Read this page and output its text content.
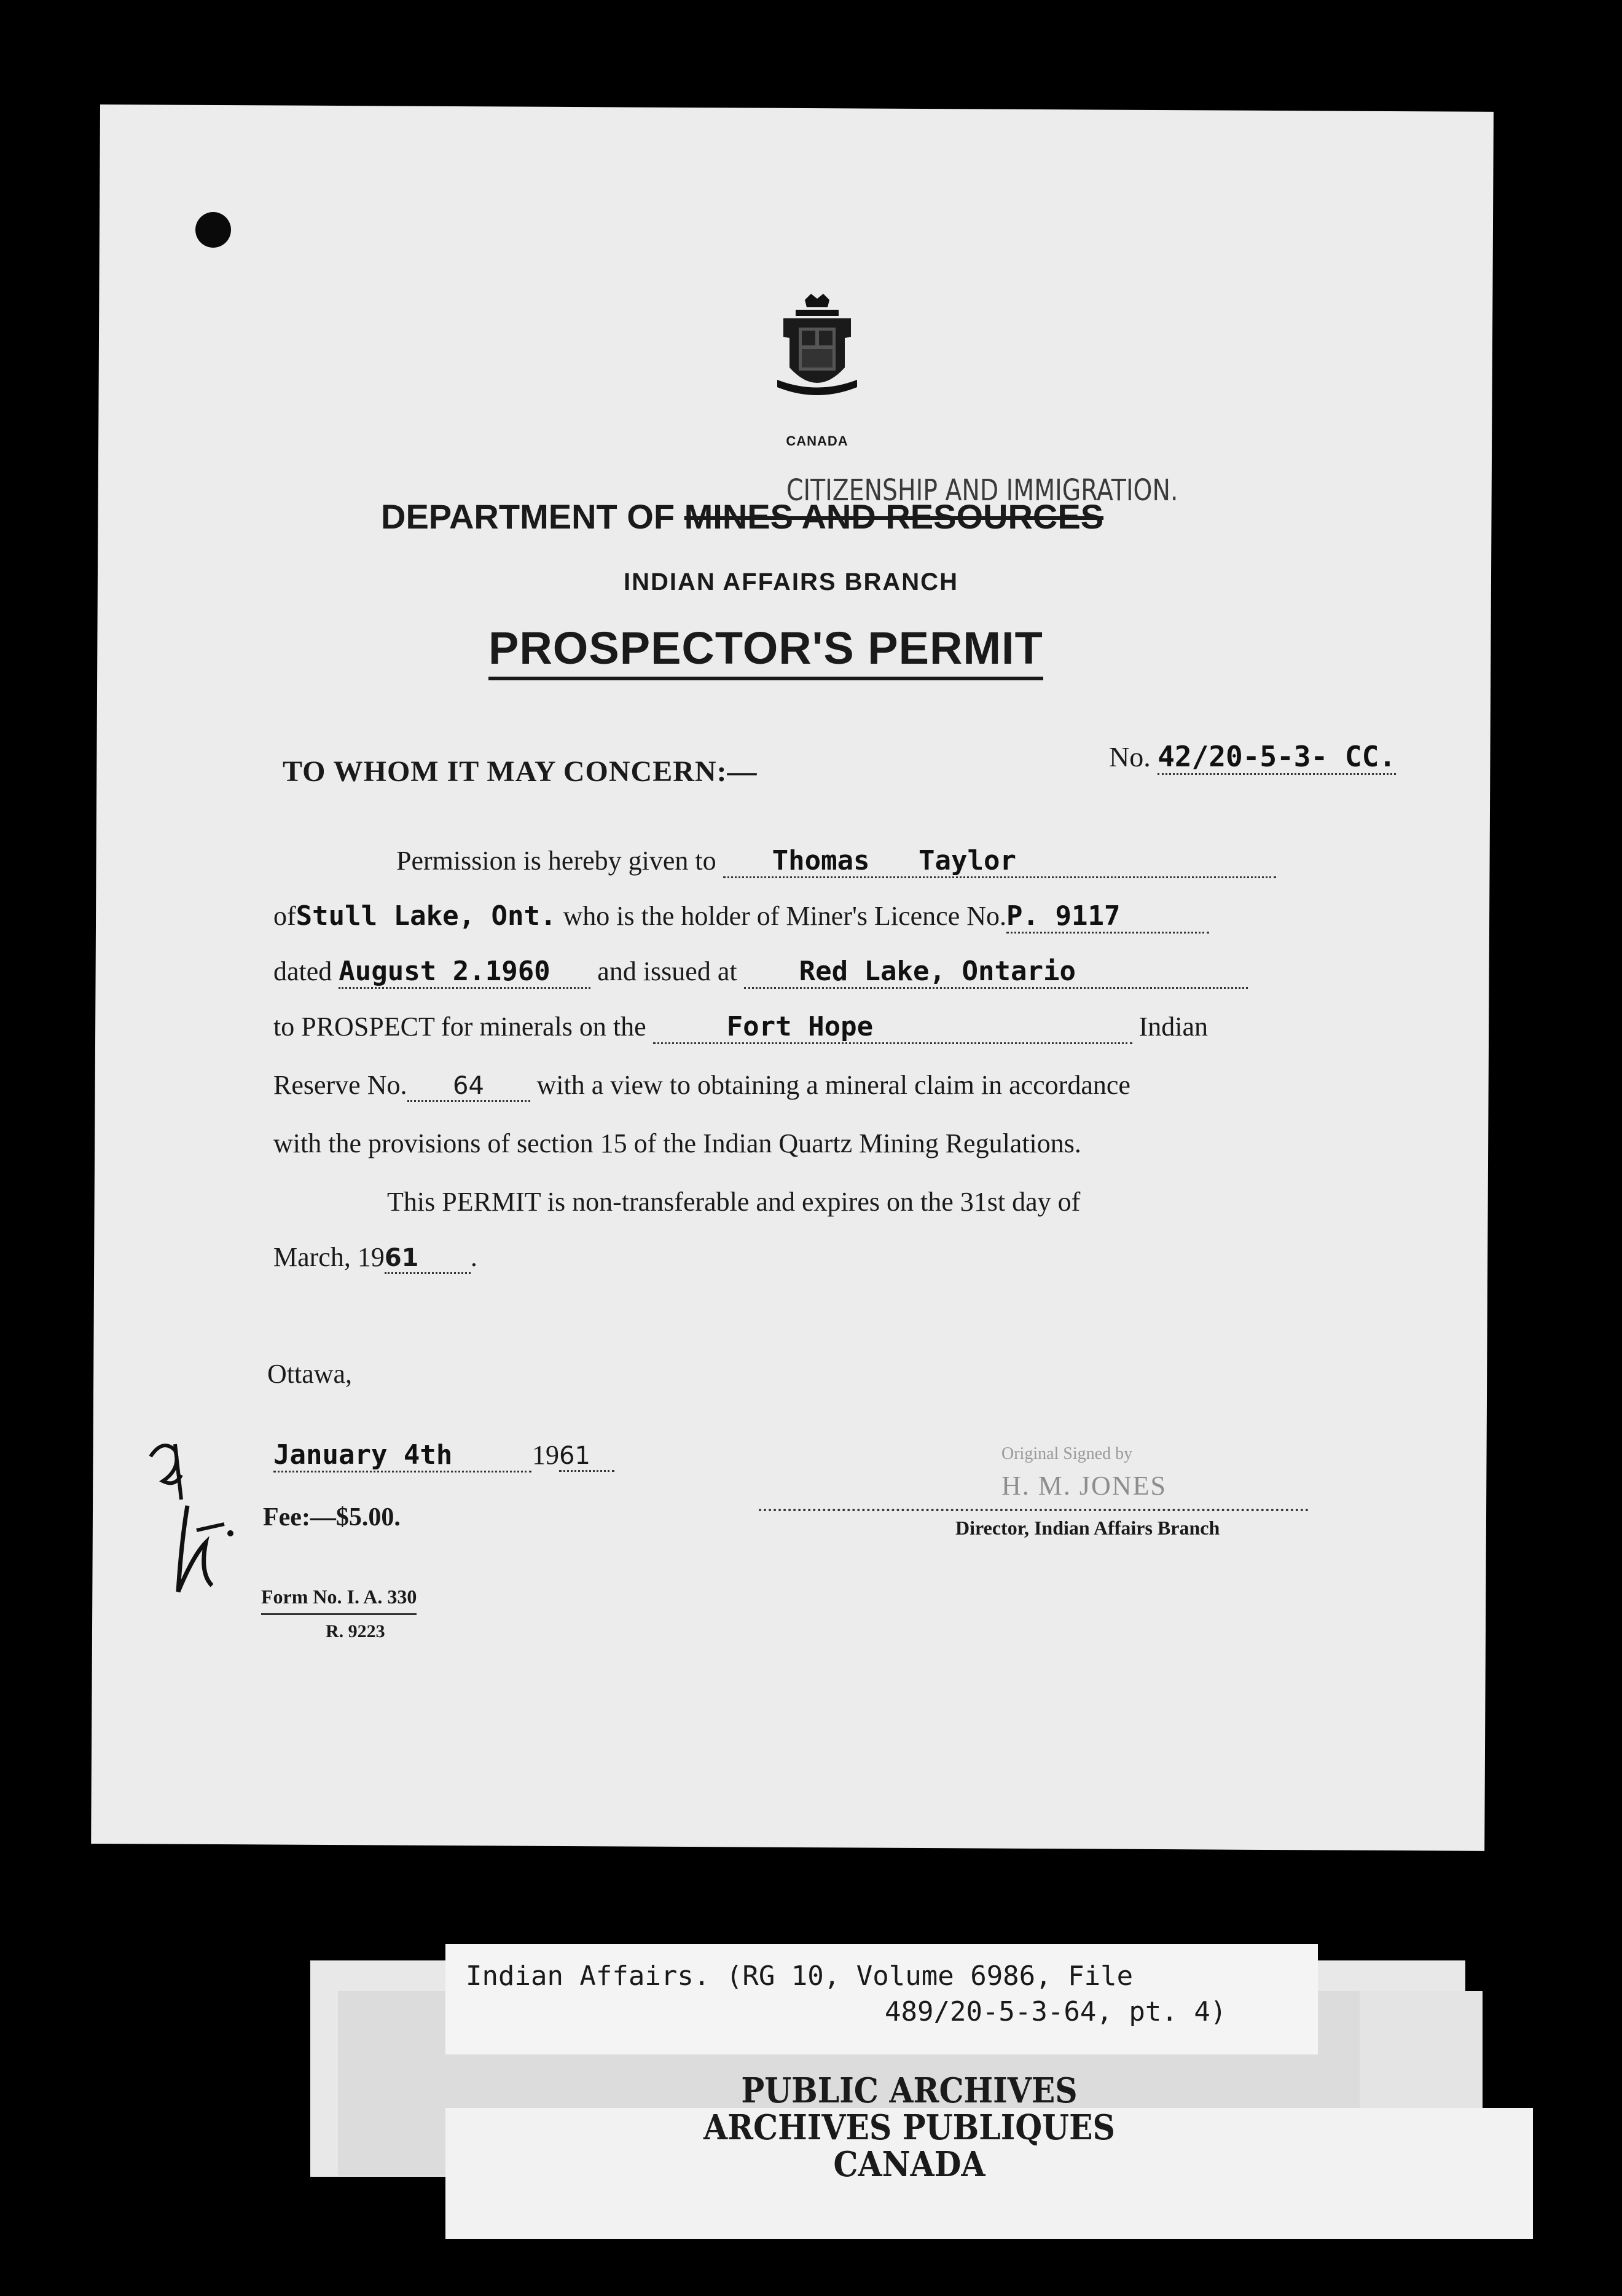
CANADA
CITIZENSHIP AND IMMIGRATION.
DEPARTMENT OF MINES AND RESOURCES
INDIAN AFFAIRS BRANCH
PROSPECTOR'S PERMIT
TO WHOM IT MAY CONCERN:—	No. 42/20-5-3- CC.
Permission is hereby given to Thomas   Taylor
ofStull Lake, Ont. who is the holder of Miner's Licence No.P. 9117
dated August 2.1960 and issued at Red Lake, Ontario
to PROSPECT for minerals on the	Fort Hope	Indian
Reserve No. 64 with a view to obtaining a mineral claim in accordance
with the provisions of section 15 of the Indian Quartz Mining Regulations.
This PERMIT is non-transferable and expires on the 31st day of
March, 1961 .
Ottawa,
January 4th	1961
Fee:—$5.00.
Original Signed by
H. M. JONES
Director, Indian Affairs Branch
Form No. I. A. 330
R. 9223
Indian Affairs. (RG 10, Volume 6986, File
489/20-5-3-64, pt. 4)
PUBLIC ARCHIVES
ARCHIVES PUBLIQUES
CANADA
